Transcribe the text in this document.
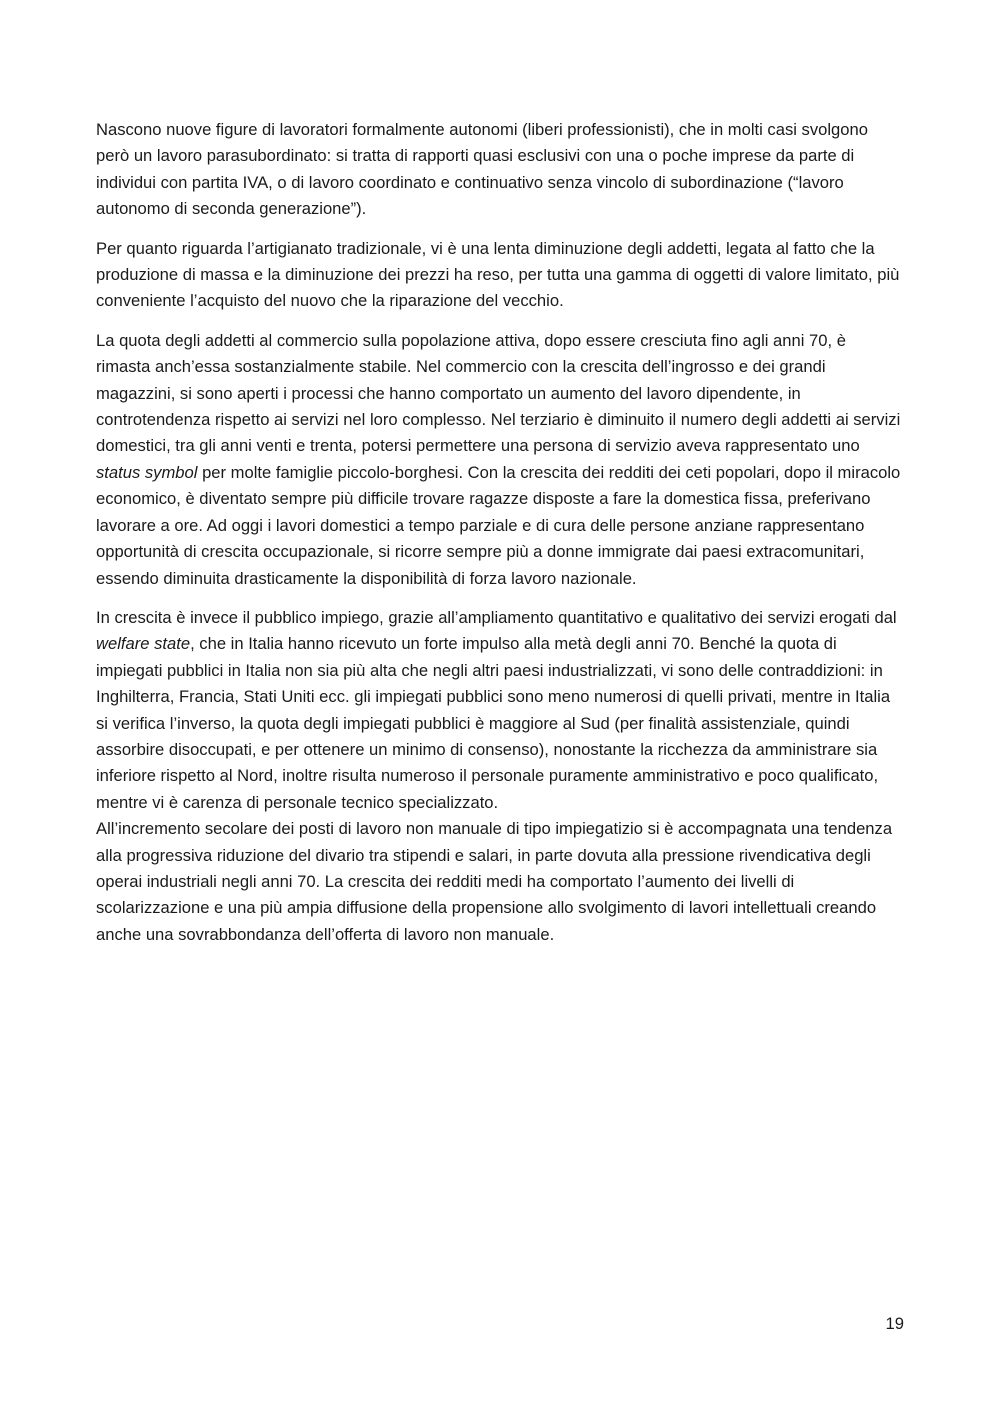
Nascono nuove figure di lavoratori formalmente autonomi (liberi professionisti), che in molti casi svolgono però un lavoro parasubordinato: si tratta di rapporti quasi esclusivi con una o poche imprese da parte di individui con partita IVA, o di lavoro coordinato e continuativo senza vincolo di subordinazione (“lavoro autonomo di seconda generazione”).

Per quanto riguarda l’artigianato tradizionale, vi è una lenta diminuzione degli addetti, legata al fatto che la produzione di massa e la diminuzione dei prezzi ha reso, per tutta una gamma di oggetti di valore limitato, più conveniente l’acquisto del nuovo che la riparazione del vecchio.

La quota degli addetti al commercio sulla popolazione attiva, dopo essere cresciuta fino agli anni 70, è rimasta anch’essa sostanzialmente stabile. Nel commercio con la crescita dell’ingrosso e dei grandi magazzini, si sono aperti i processi che hanno comportato un aumento del lavoro dipendente, in controtendenza rispetto ai servizi nel loro complesso. Nel terziario è diminuito il numero degli addetti ai servizi domestici, tra gli anni venti e trenta, potersi permettere una persona di servizio aveva rappresentato uno status symbol per molte famiglie piccolo-borghesi. Con la crescita dei redditi dei ceti popolari, dopo il miracolo economico, è diventato sempre più difficile trovare ragazze disposte a fare la domestica fissa, preferivano lavorare a ore. Ad oggi i lavori domestici a tempo parziale e di cura delle persone anziane rappresentano opportunità di crescita occupazionale, si ricorre sempre più a donne immigrate dai paesi extracomunitari, essendo diminuita drasticamente la disponibilità di forza lavoro nazionale.

In crescita è invece il pubblico impiego, grazie all’ampliamento quantitativo e qualitativo dei servizi erogati dal welfare state, che in Italia hanno ricevuto un forte impulso alla metà degli anni 70. Benché la quota di impiegati pubblici in Italia non sia più alta che negli altri paesi industrializzati, vi sono delle contraddizioni: in Inghilterra, Francia, Stati Uniti ecc. gli impiegati pubblici sono meno numerosi di quelli privati, mentre in Italia si verifica l’inverso, la quota degli impiegati pubblici è maggiore al Sud (per finalità assistenziale, quindi assorbire disoccupati, e per ottenere un minimo di consenso), nonostante la ricchezza da amministrare sia inferiore rispetto al Nord, inoltre risulta numeroso il personale puramente amministrativo e poco qualificato, mentre vi è carenza di personale tecnico specializzato.

All’incremento secolare dei posti di lavoro non manuale di tipo impiegatizio si è accompagnata una tendenza alla progressiva riduzione del divario tra stipendi e salari, in parte dovuta alla pressione rivendicativa degli operai industriali negli anni 70. La crescita dei redditi medi ha comportato l’aumento dei livelli di scolarizzazione e una più ampia diffusione della propensione allo svolgimento di lavori intellettuali creando anche una sovrabbondanza dell’offerta di lavoro non manuale.

19
